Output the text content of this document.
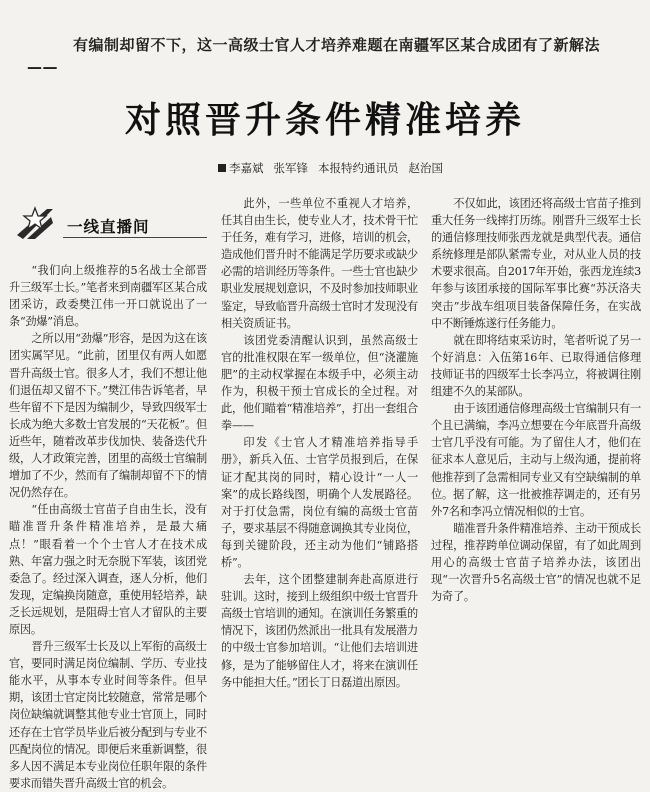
有编制却留不下，这一高级士官人才培养难题在南疆军区某合成团有了新解法——
对照晋升条件精准培养
李嘉斌 张军锋 本报特约通讯员 赵治国
一线直播间

“我们向上级推荐的5名战士全部晋升三级军士长。”笔者来到南疆军区某合成团采访，政委樊江伟一开口就说出了一条“劲爆”消息。

之所以用“劲爆”形容，是因为这在该团实属罕见。“此前，团里仅有两人如愿晋升高级士官。很多人才，我们不想让他们退伍却又留不下。”樊江伟告诉笔者，早些年留不下是因为编制少，导致四级军士长成为绝大多数士官发展的“天花板”。但近些年，随着改革步伐加快、装备迭代升级，人才政策完善，团里的高级士官编制增加了不少，然而有了编制却留不下的情况仍然存在。

“任由高级士官苗子自由生长，没有瞄准晋升条件精准培养，是最大痛点！”眼看着一个个士官人才在技术成熟、年富力强之时无奈脱下军装，该团党委急了。经过深入调查，逐人分析，他们发现，定编换岗随意，重使用轻培养，缺乏长远规划，是阻碍士官人才留队的主要原因。

晋升三级军士长及以上军衔的高级士官，要同时满足岗位编制、学历、专业技能水平，从事本专业时间等条件。但早期，该团士官定岗比较随意，常常是哪个岗位缺编就调整其他专业士官顶上，同时还存在士官学员毕业后被分配到与专业不匹配岗位的情况。即便后来重新调整，很多人因不满足本专业岗位任职年限的条件要求而错失晋升高级士官的机会。

此外，一些单位不重视人才培养，任其自由生长，使专业人才，技术骨干忙于任务，难有学习，进修，培训的机会，造成他们晋升时不能满足学历要求或缺少必需的培训经历等条件。一些士官也缺少职业发展规划意识，不及时参加技师职业鉴定，导致临晋升高级士官时才发现没有相关资质证书。

该团党委清醒认识到，虽然高级士官的批准权限在军一级单位，但“浇灌施肥”的主动权掌握在本级手中，必须主动作为，积极干预士官成长的全过程。对此，他们瞄着“精准培养”，打出一套组合拳——

印发《士官人才精准培养指导手册》，新兵入伍、士官学员报到后，在保证才配其岗的同时，精心设计“一人一案”的成长路线图，明确个人发展路径。对于打仗急需，岗位有编的高级士官苗子，要求基层不得随意调换其专业岗位，每到关键阶段，还主动为他们“铺路搭桥”。

去年，这个团整建制奔赴高原进行驻训。这时，接到上级组织中级士官晋升高级士官培训的通知。在演训任务繁重的情况下，该团仍然派出一批具有发展潜力的中级士官参加培训。“让他们去培训进修，是为了能够留住人才，将来在演训任务中能担大任。”团长丁日磊道出原因。

不仅如此，该团还将高级士官苗子推到重大任务一线摔打历练。刚晋升三级军士长的通信修理技师张西龙就是典型代表。通信系统修理是部队紧需专业，对从业人员的技术要求很高。自2017年开始，张西龙连续3年参与该团承接的国际军事比赛“苏沃洛夫突击”步战车组项目装备保障任务，在实战中不断锤炼遂行任务能力。

就在即将结束采访时，笔者听说了另一个好消息：入伍第16年、已取得通信修理技师证书的四级军士长李冯立，将被调往刚组建不久的某部队。

由于该团通信修理高级士官编制只有一个且已满编，李冯立想要在今年底晋升高级士官几乎没有可能。为了留住人才，他们在征求本人意见后，主动与上级沟通，提前将他推荐到了急需相同专业又有空缺编制的单位。据了解，这一批被推荐调走的，还有另外7名和李冯立情况相似的士官。

瞄准晋升条件精准培养、主动干预成长过程，推荐跨单位调动保留，有了如此周到用心的高级士官苗子培养办法，该团出现“一次晋升5名高级士官”的情况也就不足为奇了。
